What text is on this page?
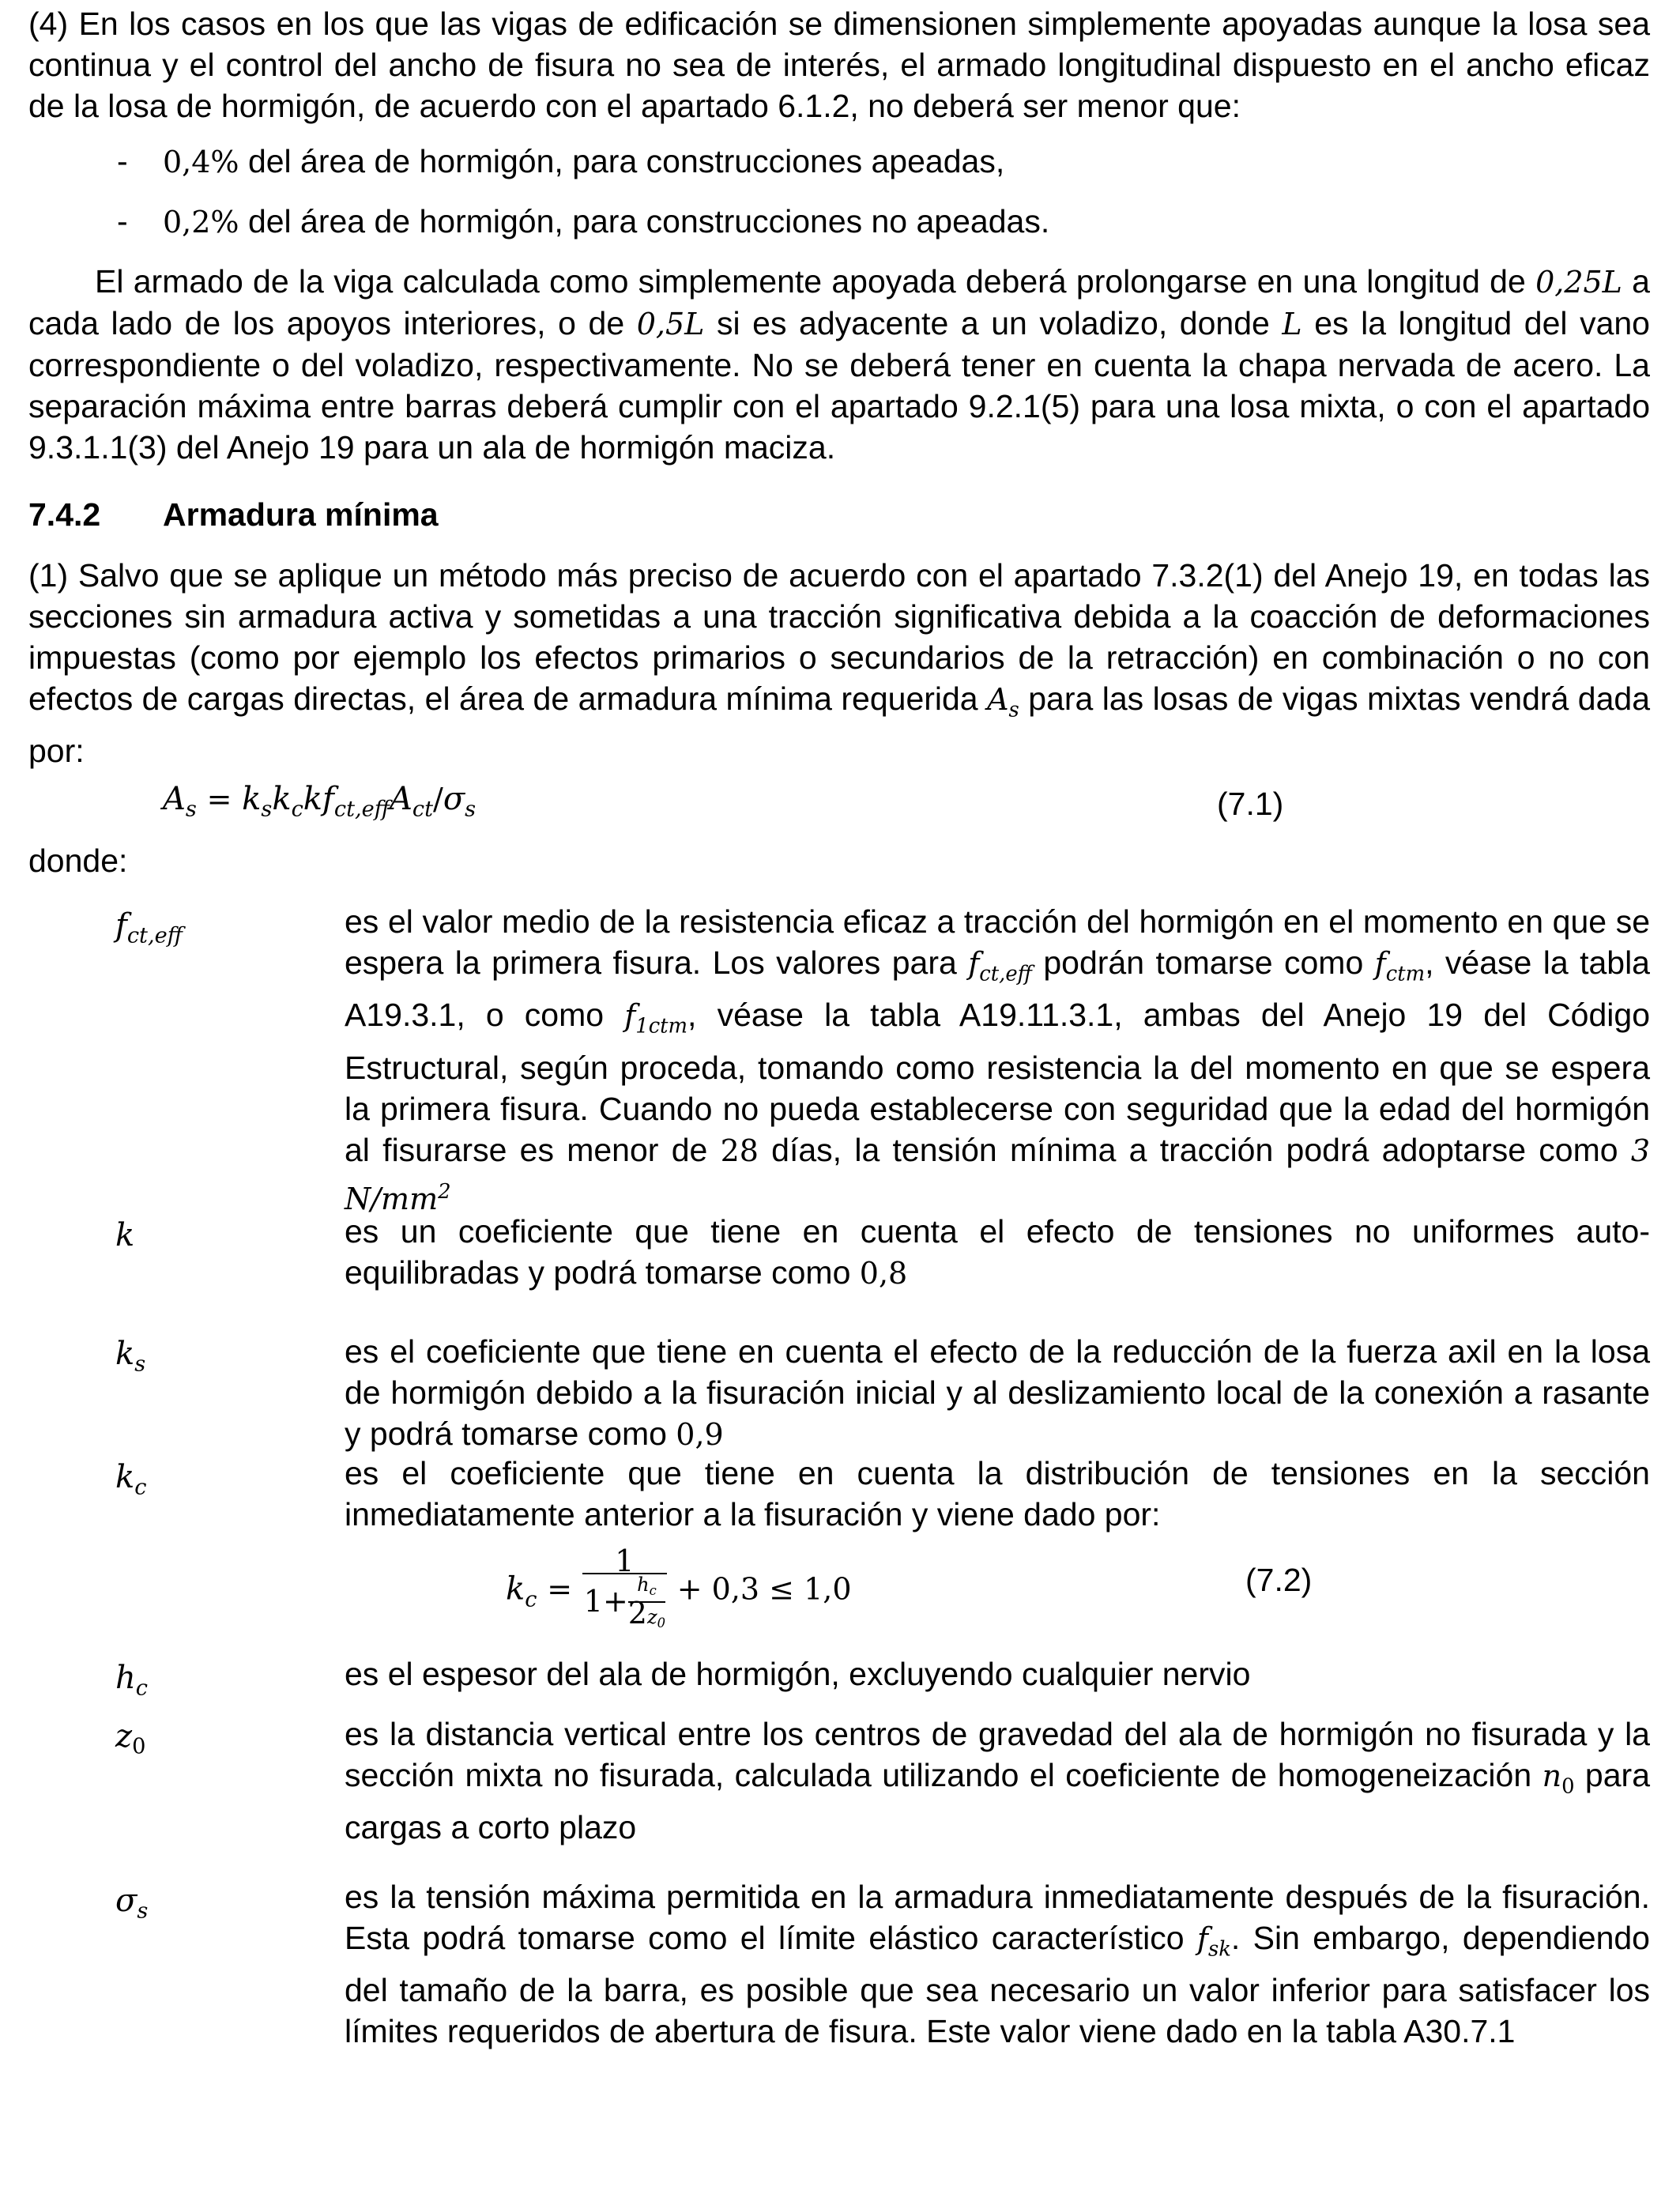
(4) En los casos en los que las vigas de edificación se dimensionen simplemente apoyadas aunque la losa sea continua y el control del ancho de fisura no sea de interés, el armado longitudinal dispuesto en el ancho eficaz de la losa de hormigón, de acuerdo con el apartado 6.1.2, no deberá ser menor que:

- 0,4% del área de hormigón, para construcciones apeadas,
- 0,2% del área de hormigón, para construcciones no apeadas.

El armado de la viga calculada como simplemente apoyada deberá prolongarse en una longitud de 0,25L a cada lado de los apoyos interiores, o de 0,5L si es adyacente a un voladizo, donde L es la longitud del vano correspondiente o del voladizo, respectivamente. No se deberá tener en cuenta la chapa nervada de acero. La separación máxima entre barras deberá cumplir con el apartado 9.2.1(5) para una losa mixta, o con el apartado 9.3.1.1(3) del Anejo 19 para un ala de hormigón maciza.

7.4.2 Armadura mínima

(1) Salvo que se aplique un método más preciso de acuerdo con el apartado 7.3.2(1) del Anejo 19, en todas las secciones sin armadura activa y sometidas a una tracción significativa debida a la coacción de deformaciones impuestas (como por ejemplo los efectos primarios o secundarios de la retracción) en combinación o no con efectos de cargas directas, el área de armadura mínima requerida $A_s$ para las losas de vigas mixtas vendrá dada por:

$A_s = k_sk_ckf_{ct,eff}A_{ct}/\sigma_s$	(7.1)
donde:
$f_{ct,eff}$	es el valor medio de la resistencia eficaz a tracción del hormigón en el momento en que se espera la primera fisura. Los valores para $f_{ct,eff}$ podrán tomarse como $f_{ctm}$, véase la tabla A19.3.1, o como $f_{1ctm}$, véase la tabla A19.11.3.1, ambas del Anejo 19 del Código Estructural, según proceda, tomando como resistencia la del momento en que se espera la primera fisura. Cuando no pueda establecerse con seguridad que la edad del hormigón al fisurarse es menor de 28 días, la tensión mínima a tracción podrá adoptarse como 3 $N/mm^2$

k	es un coeficiente que tiene en cuenta el efecto de tensiones no uniformes auto-equilibradas y podrá tomarse como 0,8

$k_s$	es el coeficiente que tiene en cuenta el efecto de la reducción de la fuerza axil en la losa de hormigón debido a la fisuración inicial y al deslizamiento local de la conexión a rasante y podrá tomarse como 0,9

$k_c$	es el coeficiente que tiene en cuenta la distribución de tensiones en la sección inmediatamente anterior a la fisuración y viene dado por:

$k_c = \frac{1}{1+ \frac{h_c}{2z_0}} + 0,3 \le 1,0$	(7.2)
$h_c$	es el espesor del ala de hormigón, excluyendo cualquier nervio

$z_0$	es la distancia vertical entre los centros de gravedad del ala de hormigón no fisurada y la sección mixta no fisurada, calculada utilizando el coeficiente de homogeneización $n_0$ para cargas a corto plazo

$\sigma_s$	es la tensión máxima permitida en la armadura inmediatamente después de la fisuración. Esta podrá tomarse como el límite elástico característico $f_{sk}$. Sin embargo, dependiendo del tamaño de la barra, es posible que sea necesario un valor inferior para satisfacer los límites requeridos de abertura de fisura. Este valor viene dado en la tabla A30.7.1
